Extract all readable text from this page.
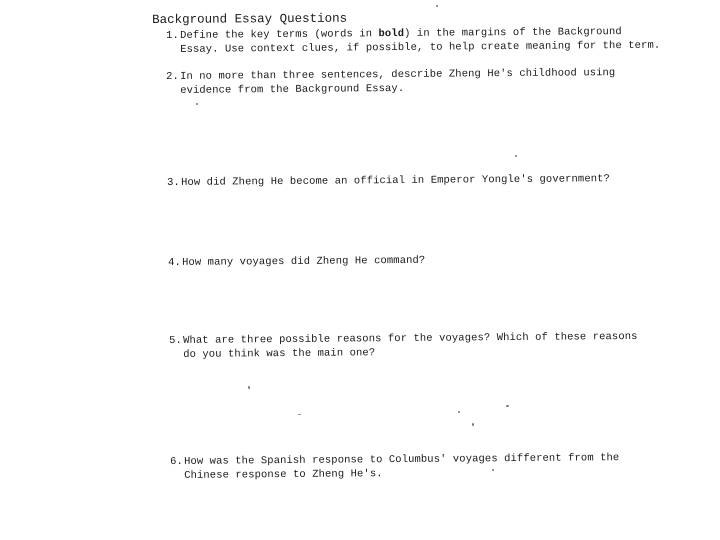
Background Essay Questions
1.Define the key terms (words in bold) in the margins of the Background
Essay. Use context clues, if possible, to help create meaning for the term.
2.In no more than three sentences, describe Zheng He's childhood using
evidence from the Background Essay.
3.How did Zheng He become an official in Emperor Yongle's government?
4.How many voyages did Zheng He command?
5.What are three possible reasons for the voyages? Which of these reasons
do you think was the main one?
6.How was the Spanish response to Columbus' voyages different from the
Chinese response to Zheng He's.
